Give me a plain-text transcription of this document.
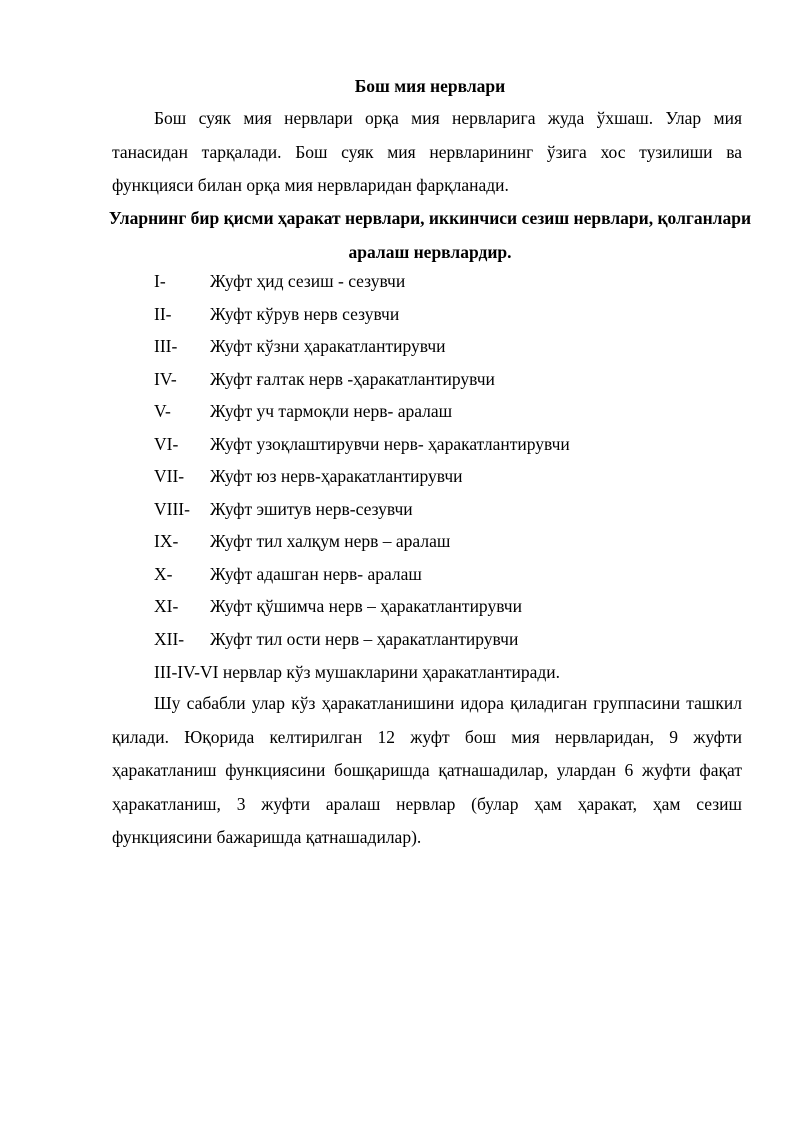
Бош мия нервлари

Бош суяк мия нервлари орқа мия нервларига жуда ўхшаш. Улар мия танасидан тарқалади. Бош суяк мия нервларининг ўзига хос тузилиши ва функцияси билан орқа мия нервларидан фарқланади.

Уларнинг бир қисми ҳаракат нервлари, иккинчиси сезиш нервлари, қолганлари аралаш нервлардир.

I-	Жуфт ҳид сезиш - сезувчи
II- Жуфт кўрув нерв сезувчи
III- Жуфт кўзни ҳаракатлантирувчи
IV- Жуфт ғалтак нерв -ҳаракатлантирувчи
V- Жуфт уч тармоқли нерв- аралаш
VI- Жуфт узоқлаштирувчи нерв- ҳаракатлантирувчи
VII- Жуфт юз нерв-ҳаракатлантирувчи
VIII- Жуфт эшитув нерв-сезувчи
IX- Жуфт тил халқум нерв – аралаш
X- Жуфт адашган нерв- аралаш
XI- Жуфт қўшимча нерв – ҳаракатлантирувчи
XII- Жуфт тил ости нерв – ҳаракатлантирувчи

III-IV-VI нервлар кўз мушакларини ҳаракатлантиради.

Шу сабабли улар кўз ҳаракатланишини идора қиладиган группасини ташкил қилади. Юқорида келтирилган 12 жуфт бош мия нервларидан, 9 жуфти ҳаракатланиш функциясини бошқаришда қатнашадилар, улардан 6 жуфти фақат ҳаракатланиш, 3 жуфти аралаш нервлар (булар ҳам ҳаракат, ҳам сезиш функциясини бажаришда қатнашадилар).
